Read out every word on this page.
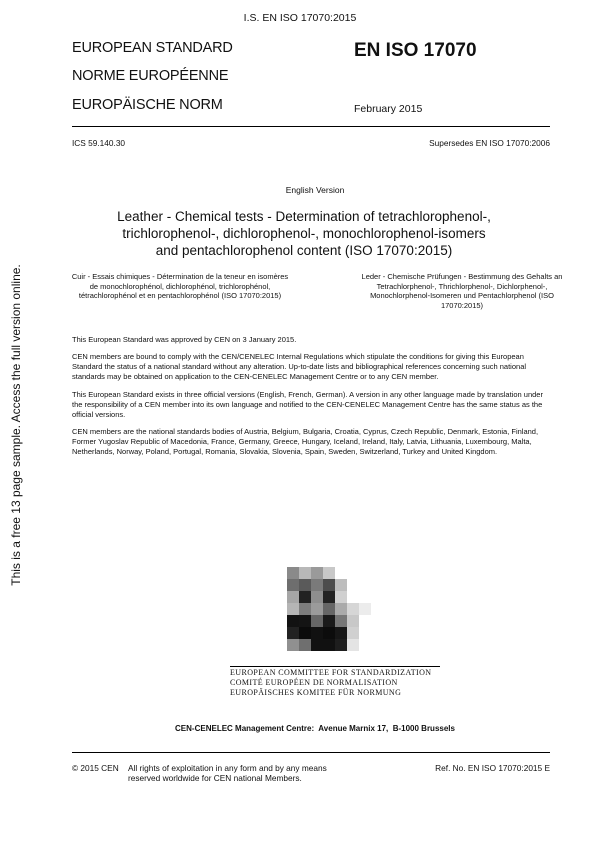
I.S. EN ISO 17070:2015
This is a free 13 page sample. Access the full version online.
EUROPEAN STANDARD
NORME EUROPÉENNE
EUROPÄISCHE NORM
EN ISO 17070
February 2015
ICS 59.140.30	Supersedes EN ISO 17070:2006
English Version
Leather - Chemical tests - Determination of tetrachlorophenol-, trichlorophenol-, dichlorophenol-, monochlorophenol-isomers and pentachlorophenol content (ISO 17070:2015)
Cuir - Essais chimiques - Détermination de la teneur en isomères de monochlorophénol, dichlorophénol, trichlorophénol, tétrachlorophénol et en pentachlorophénol (ISO 17070:2015)
Leder - Chemische Prüfungen - Bestimmung des Gehalts an Tetrachlorphenol-, Thrichlorphenol-, Dichlorphenol-, Monochlorphenol-Isomeren und Pentachlorphenol (ISO 17070:2015)
This European Standard was approved by CEN on 3 January 2015.
CEN members are bound to comply with the CEN/CENELEC Internal Regulations which stipulate the conditions for giving this European Standard the status of a national standard without any alteration. Up-to-date lists and bibliographical references concerning such national standards may be obtained on application to the CEN-CENELEC Management Centre or to any CEN member.
This European Standard exists in three official versions (English, French, German). A version in any other language made by translation under the responsibility of a CEN member into its own language and notified to the CEN-CENELEC Management Centre has the same status as the official versions.
CEN members are the national standards bodies of Austria, Belgium, Bulgaria, Croatia, Cyprus, Czech Republic, Denmark, Estonia, Finland, Former Yugoslav Republic of Macedonia, France, Germany, Greece, Hungary, Iceland, Ireland, Italy, Latvia, Lithuania, Luxembourg, Malta, Netherlands, Norway, Poland, Portugal, Romania, Slovakia, Slovenia, Spain, Sweden, Switzerland, Turkey and United Kingdom.
EUROPEAN COMMITTEE FOR STANDARDIZATION
COMITÉ EUROPÉEN DE NORMALISATION
EUROPÄISCHES KOMITEE FÜR NORMUNG
CEN-CENELEC Management Centre:  Avenue Marnix 17,  B-1000 Brussels
© 2015 CEN All rights of exploitation in any form and by any means reserved worldwide for CEN national Members.
Ref. No. EN ISO 17070:2015 E
